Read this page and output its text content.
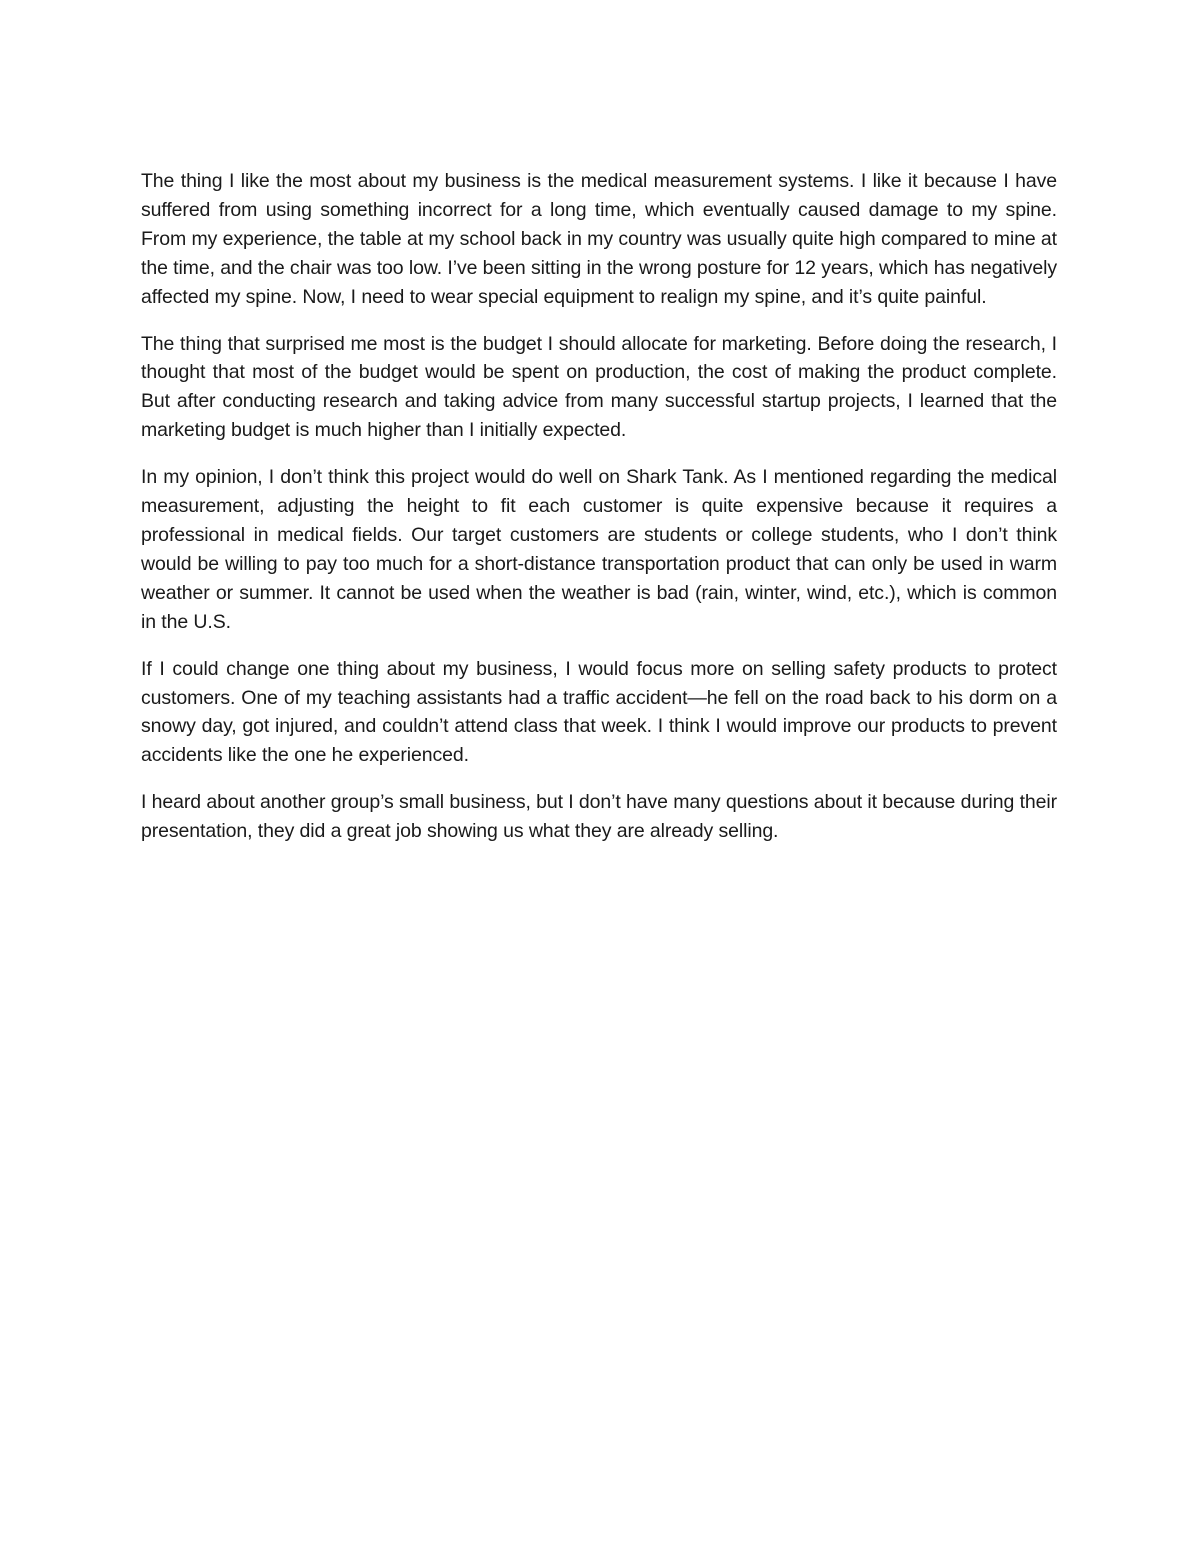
The thing I like the most about my business is the medical measurement systems. I like it because I have suffered from using something incorrect for a long time, which eventually caused damage to my spine. From my experience, the table at my school back in my country was usually quite high compared to mine at the time, and the chair was too low. I’ve been sitting in the wrong posture for 12 years, which has negatively affected my spine. Now, I need to wear special equipment to realign my spine, and it’s quite painful.

The thing that surprised me most is the budget I should allocate for marketing. Before doing the research, I thought that most of the budget would be spent on production, the cost of making the product complete. But after conducting research and taking advice from many successful startup projects, I learned that the marketing budget is much higher than I initially expected.

In my opinion, I don’t think this project would do well on Shark Tank. As I mentioned regarding the medical measurement, adjusting the height to fit each customer is quite expensive because it requires a professional in medical fields. Our target customers are students or college students, who I don’t think would be willing to pay too much for a short-distance transportation product that can only be used in warm weather or summer. It cannot be used when the weather is bad (rain, winter, wind, etc.), which is common in the U.S.

If I could change one thing about my business, I would focus more on selling safety products to protect customers. One of my teaching assistants had a traffic accident—he fell on the road back to his dorm on a snowy day, got injured, and couldn’t attend class that week. I think I would improve our products to prevent accidents like the one he experienced.

I heard about another group’s small business, but I don’t have many questions about it because during their presentation, they did a great job showing us what they are already selling.
